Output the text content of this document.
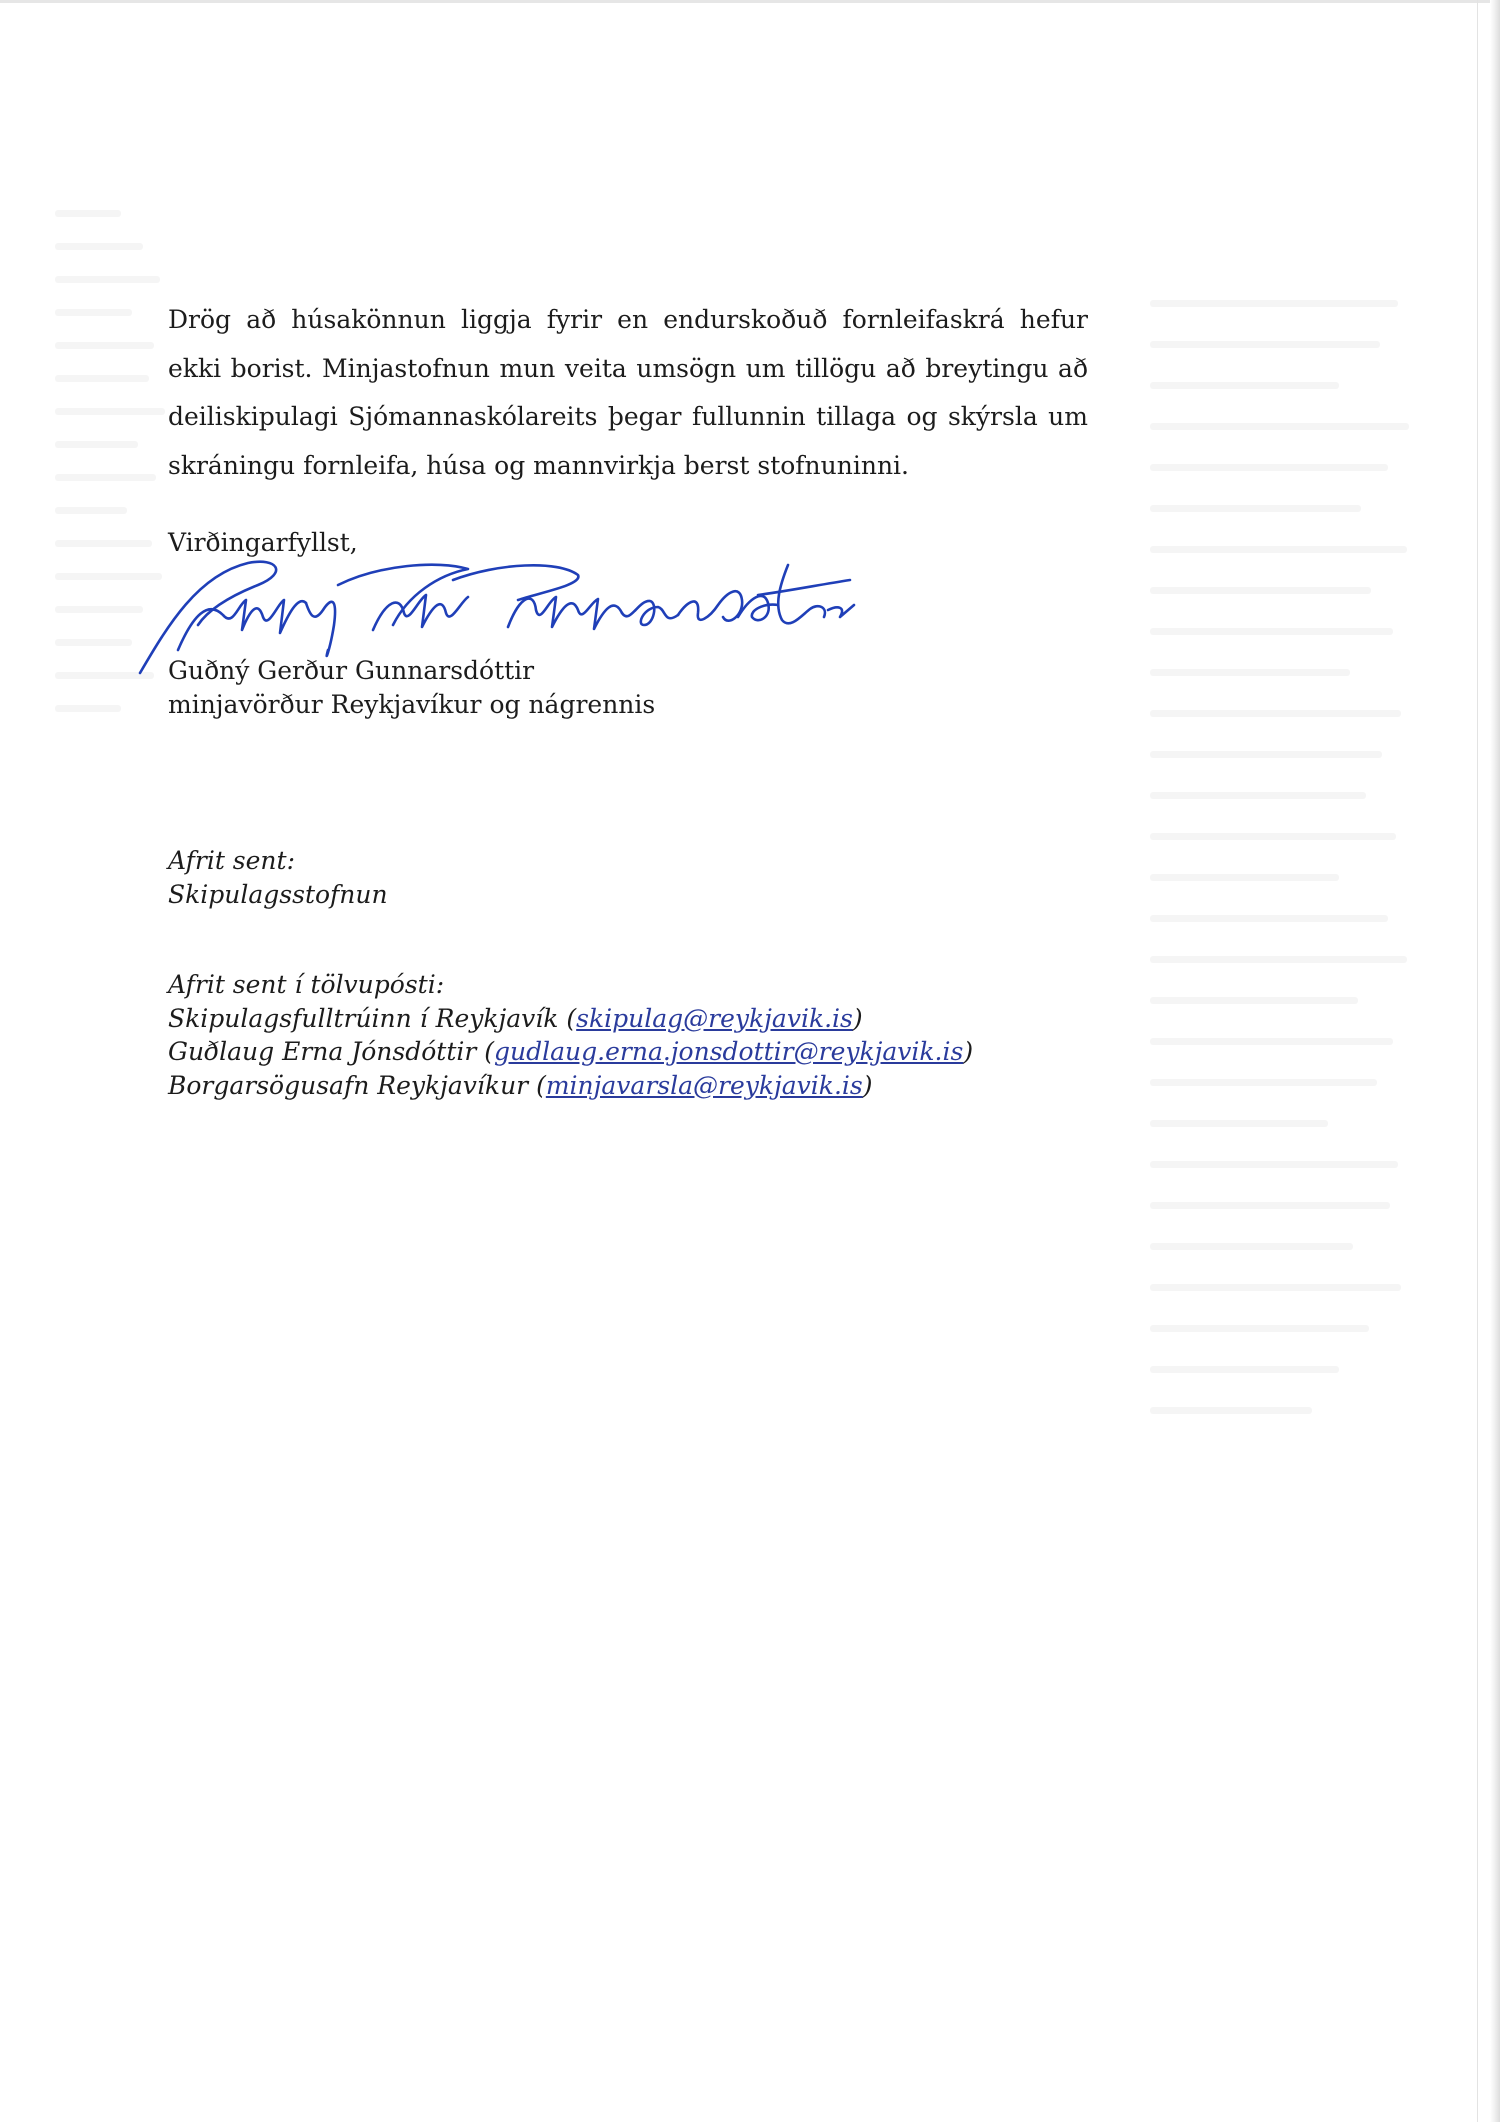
Drög að húsakönnun liggja fyrir en endurskoðuð fornleifaskrá hefur ekki borist. Minjastofnun mun veita umsögn um tillögu að breytingu að deiliskipulagi Sjómannaskólareits þegar fullunnin tillaga og skýrsla um skráningu fornleifa, húsa og mannvirkja berst stofnuninni.

Virðingarfyllst,

Guðný Gerður Gunnarsdóttir

minjavörður Reykjavíkur og nágrennis

Afrit sent:
Skipulagsstofnun
Afrit sent í tölvupósti:
Skipulagsfulltrúinn í Reykjavík (skipulag@reykjavik.is)
Guðlaug Erna Jónsdóttir (gudlaug.erna.jonsdottir@reykjavik.is)
Borgarsögusafn Reykjavíkur (minjavarsla@reykjavik.is)
